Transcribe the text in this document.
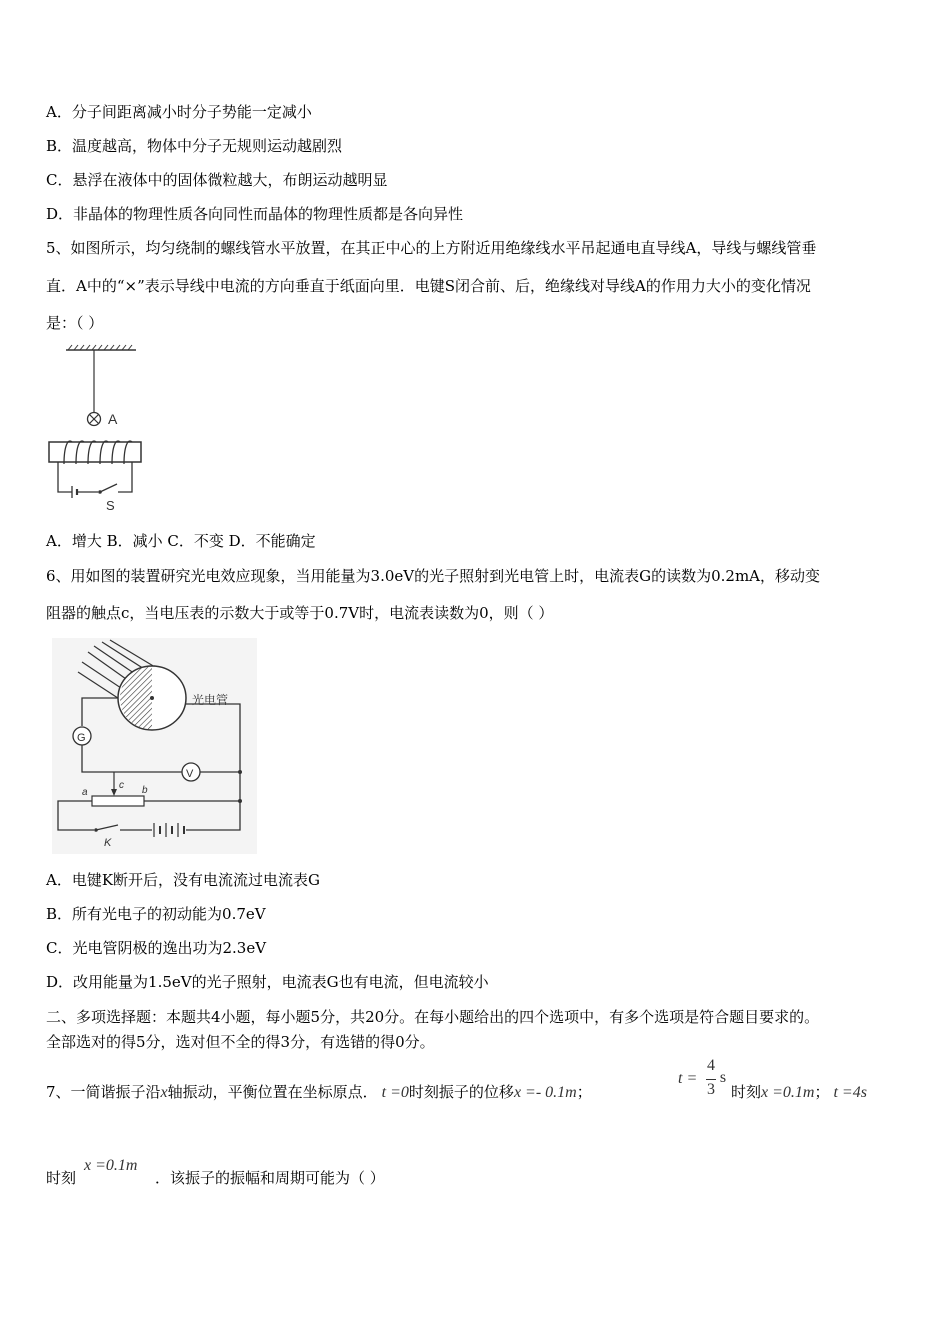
A．分子间距离减小时分子势能一定减小
B．温度越高，物体中分子无规则运动越剧烈
C．悬浮在液体中的固体微粒越大，布朗运动越明显
D．非晶体的物理性质各向同性而晶体的物理性质都是各向异性
5、如图所示，均匀绕制的螺线管水平放置，在其正中心的上方附近用绝缘线水平吊起通电直导线A，导线与螺线管垂
直．A中的“×”表示导线中电流的方向垂直于纸面向里．电键S闭合前、后，绝缘线对导线A的作用力大小的变化情况
是：（ ）
A
S
A．增大 B．减小 C．不变 D．不能确定
6、用如图的装置研究光电效应现象，当用能量为3.0eV的光子照射到光电管上时，电流表G的读数为0.2mA，移动变
阻器的触点c，当电压表的示数大于或等于0.7V时，电流表读数为0，则（ ）
光电管
G
V
c
a	b
K
A．电键K断开后，没有电流流过电流表G
B．所有光电子的初动能为0.7eV
C．光电管阴极的逸出功为2.3eV
D．改用能量为1.5eV的光子照射，电流表G也有电流，但电流较小
二、多项选择题：本题共4小题，每小题5分，共20分。在每小题给出的四个选项中，有多个选项是符合题目要求的。
全部选对的得5分，选对但不全的得3分，有选错的得0分。
7、一简谐振子沿x轴振动，平衡位置在坐标原点． t =0时刻振子的位移x =- 0.1m；
t =
4
3
s
时刻x =0.1m； t =4s
时刻
x =0.1m
．该振子的振幅和周期可能为（ ）
